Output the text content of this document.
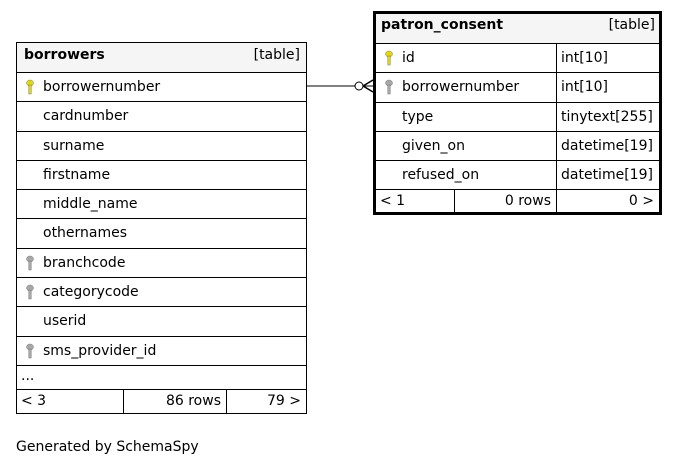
borrowers	[table]
borrowernumber
cardnumber
surname
firstname
middle_name
othernames
branchcode
categorycode
userid
sms_provider_id
...
< 3	86 rows	79 >
patron_consent	[table]
id	int[10]
borrowernumber	int[10]
type	tinytext[255]
given_on	datetime[19]
refused_on	datetime[19]
< 1	0 rows	0 >
Generated by SchemaSpy
